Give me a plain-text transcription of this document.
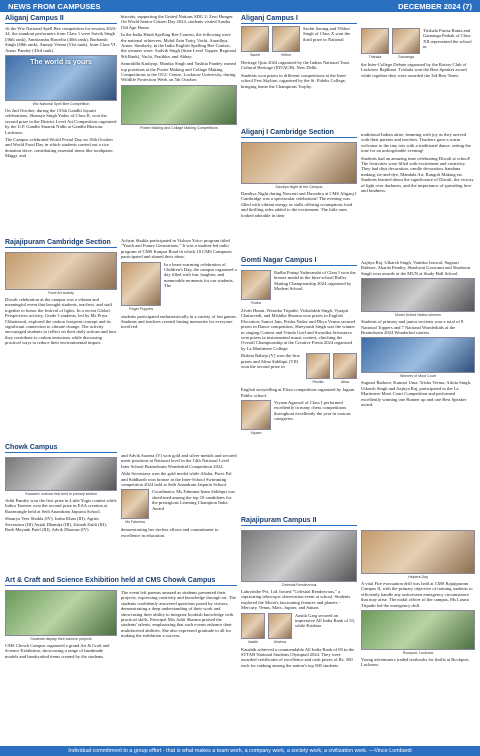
NEWS FROM CAMPUSES	DECEMBER 2024 (7)
Aliganj Campus II
At the Wiz National Spell Bee competition for session 2023-24, the standout performers from Class 1 were Satvik Singh (36th rank), Amritanshu Haweliu (40th rank), Rudransh Singh (48th rank), Amnay Verma (51st rank), from Class VI, Arnav Pandey (43rd rank).
The world is yours
Wiz National Spell Bee Competition
On 2nd October, during the 155th Gandhi Jayanti celebrations, Shanaya Singh Yadav of Class II, won the second prize in the District Level Art Competition organized by the U.P. Gandhi Smarak Nidhi at Gandhi Bhawan, Lucknow.
The Campus celebrated World Postal Day on 10th October and World Food Day in which students carried out a rice donation drive, contributing essential items like toothpaste, Maggi, and
biscuits, supporting the United Nations SDG 2: Zero Hunger. On World Senior Citizen Day 2024, students visited Aastha Old Age Home.
In the India Hindi Spelling Bee Contest, the following were the national achievers: Mohd Zain Tariq, Vachi, Aaradhya, Arnav. Similarly, in the India English Spelling Bee Contest, the winners were: Aadvik Singh (State Level Topper, Regional 9th Rank), Vachi, Pratibha, and Abhay.
Samriddhi Kashyap, Manika Singh and Yashita Pandey earned top positions at the Poster Making and Collage Making Competitions at the OGC Centre, Lucknow University, during Wildlife Protection Week on 5th October.
Poster Making and Collage Making Competitions
Aliganj Campus I
Sachit	Vibhor
Sachit Sarang and Vibhor Singh of Class X won the third prize in National
Heritage Quiz 2024 organized by the Indian National Trust Cultural Heritage (INTACH), New Delhi.
Students won prizes in different competitions at the Inter-school Fest Skyline, organised by the St. Fidelis College, bringing home the Champions Trophy.
Trishala	Gauranga
Trishala Purisa Raina and Gauranga Pathak of Class XII represented the school in
the Inter-College Debate organised by the Rotary Club of Lucknow Rajdhani. Trishala won the Best Speaker award while together they were awarded the 3rd Best Team.
Aliganj I Cambridge Section
Dandiya Night at the Campus
Dandiya Night during Navratri and Dussehra at CMS Aliganj I Cambridge was a spectacular celebration! The evening was filled with vibrant energy as stalls offering scrumptious food and thrilling rides added to the excitement. The little ones looked adorable in their
traditional Indian attire, beaming with joy as they arrived with their parents and teachers. Teachers gave a warm welcome to the tiny tots with a traditional dance, setting the tone for an unforgettable evening!
Students had an amazing time celebrating Diwali at school! The festivities were filled with excitement and creativity. They had diya decoration, candle decoration, bandana making, tie-and-dye, Mandala Art, Rangoli Making etc. Students learned about the significance of Diwali, the victory of light over darkness, and the importance of spreading love and kindness.
Rajajipuram Cambridge Section
Food Art activity
Diwali celebration at the campus was a vibrant and meaningful event that brought students, teachers, and staff together to honor the festival of lights. In a recent Global Perspectives activity, Grade 3 students, led by Ms Priya Chhatrawal, explored the carbon footprint concept and its significant connection to climate change. The activity encouraged students to reflect on their daily actions and how they contribute to carbon emissions while discussing practical ways to reduce their environmental impact.
Achyut Shukla participated in Vishwa Yoico program titled "Youth and Future Generations." It was a student-led radio program of CMS Kanpur Road in which 10 CMS Campuses participated and shared their ideas.
Finger Puppets
In a heart-warming celebration of Children's Day, the campus organized a day filled with fun, laughter, and memorable moments for our students. The
students participated enthusiastically in a variety of fun games. Students and teachers created lasting memories for everyone involved.
Gomti Nagar Campus I
Rudra
Radha Pratap Yaduvanshi of Class I won the bronze medal in the Inter-school Roller Skating Championship 2024 organized by Modern School.
Zivah Hasan, Warnika Tripathi, Vishalaksh Singh, Vyaapti Chaturvedi, and Mishika Sharma won prizes in English Elocution; Samvi Jain, Prisha Yadav and Dhya Verma secured prizes in Dance competition, Shreyansh Singh was the winner in singing Contest and Vrinda Goel and Swastika Srivastava won prizes in instrumental music contest, clinching the Overall Championship at the Creative Fiesta 2024 organised by La Martiniere College.
Rishita	Alina
Rishita Raheja (V) won the first prizes and Alina Siddiqui (VII) won the second prize in
English storytelling at Elixir competition organized by Jagran Public school.
Viyaan
Viyaan Agarwal of Class I performed excellently in many chess competitions throughout excellently the year in various categories.
Aajitya Raj, Utkarsh Singh, Vanisha Jaiswal, Sugauri Rathore, Akarsh Pandey, Shashwat Goswami and Shashwat Singh won awards at the MUN at Study Hall School.
Model United Nation winners
Students of primary and junior sections won a total of 8 National Toppers and 7 National Wonderkids at the Brainobrain 2024 Wonderkid contest.
Winners of Moot Court
Suguari Rathore, Kumari Uma, Trisha Verma, Arkita Singh, Utkarsh Singh and Aajitya Raj, participated in the La Martiniere Moot Court Competition and performed excellently winning one Runner up and one Best Speaker award.
Chowk Campus
'Kalasetu' science fest held in primary section
Aditi Pandey won the first prize in Little Yogis contest while Indira Tanveer won the second prize in EAA creation at Razzmingle held at Seth Anandram Jaipuria School.
Shaurya Veer Shukla (IV), Insha Khan (III), Agrim Srivastava (III) Anjali Dhamija (III), Zainab Zaidi (III), Rudr Mayank Patel (III), Advik Dhawan (IV)
and Advik Saxena (V) won gold and silver medals and secured merit positions at National level in the 14th National Level Inter School Brainobrain Wonderkid Competition 2024.
Abhi Srivastava won the gold medal while Alisha, Purvi Pal and Siddharth won bronze in the Inter-School Swimming competition 2024 held at Seth Anandram Jaipuria School.
Ms Fahmina
Coordinator, Ms Fahmina Inam Siddiqui was shortlisted among the top 10 candidates for the prestigious Learning Champion India Award
demonstrating her tireless efforts and commitment to excellence in education.
Art & Craft and Science Exhibition held at CMS Chowk Campus
Students display their science projects
CMS Chowk Campus organized a grand Art & Craft and Science Exhibition, showcasing a range of handmade models and handcrafted items created by the students.
The event left parents amazed as students presented their projects, expressing creativity and knowledge through art. The students confidently answered questions posed by visitors, demonstrating a deep understanding of their work and showcasing their ability to integrate hookish knowledge with practical skills. Principal Mrs Aditi Sharma praised the students' talents, emphasizing that such events enhance their multifaceted abilities. She also expressed gratitude to all for making the exhibition a success.
Rajajipuram Campus II
Celestial Rendezvous
Labryinthe Pvt. Ltd. hosted "Celestial Rendezvous," a captivating telescopic observation event at school. Students explored the Moon's fascinating features and planets - Mercury, Venus, Mars, Jupiter, and Saturn.
Aastik	Krishna
Aastik Garg secured an impressive All India Rank of 33, while Krishna
Kaushik achieved a commendable All India Rank of 69 in the STTAR National Students Olympiad 2024. They were awarded certificates of excellence and cash prizes of Rs. 500 each for ranking among the nation's top 500 students.
Helpers Day
A vital Fire evacuation drill was held at CMS Rajajipuram Campus II, with the primary objective of training students to efficiently handle any unforeseen emergency circumstance that may arise. The nodal officer of the campus, Ms Laxmi Tripathi led the emergency drill.
Rockport, Lucknow
Young adventurers traded textbooks for thrills at Rockport, Lucknow.
Individual commitment to a group effort - that is what makes a team work, a company work, a society work, a civilization work. —Vince Lombardi
